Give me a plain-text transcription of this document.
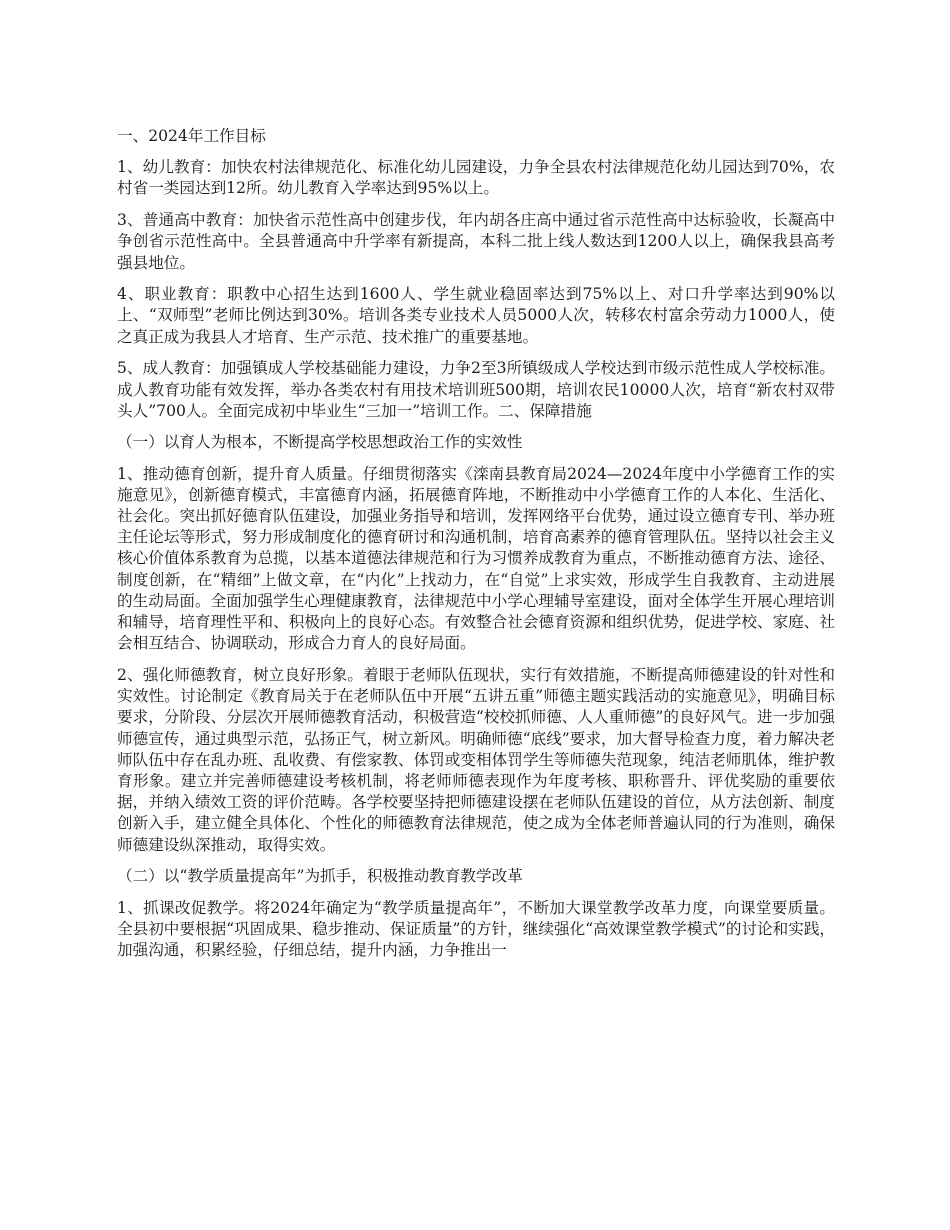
一、2024年工作目标

1、幼儿教育：加快农村法律规范化、标准化幼儿园建设，力争全县农村法律规范化幼儿园达到70%，农村省一类园达到12所。幼儿教育入学率达到95%以上。

3、普通高中教育：加快省示范性高中创建步伐，年内胡各庄高中通过省示范性高中达标验收，长凝高中争创省示范性高中。全县普通高中升学率有新提高，本科二批上线人数达到1200人以上，确保我县高考强县地位。

4、职业教育：职教中心招生达到1600人、学生就业稳固率达到75%以上、对口升学率达到90%以上、“双师型”老师比例达到30%。培训各类专业技术人员5000人次，转移农村富余劳动力1000人，使之真正成为我县人才培育、生产示范、技术推广的重要基地。

5、成人教育：加强镇成人学校基础能力建设，力争2至3所镇级成人学校达到市级示范性成人学校标准。成人教育功能有效发挥，举办各类农村有用技术培训班500期，培训农民10000人次，培育“新农村双带头人”700人。全面完成初中毕业生“三加一”培训工作。二、保障措施

（一）以育人为根本，不断提高学校思想政治工作的实效性

1、推动德育创新，提升育人质量。仔细贯彻落实《滦南县教育局2024—2024年度中小学德育工作的实施意见》，创新德育模式，丰富德育内涵，拓展德育阵地，不断推动中小学德育工作的人本化、生活化、社会化。突出抓好德育队伍建设，加强业务指导和培训，发挥网络平台优势，通过设立德育专刊、举办班主任论坛等形式，努力形成制度化的德育研讨和沟通机制，培育高素养的德育管理队伍。坚持以社会主义核心价值体系教育为总揽，以基本道德法律规范和行为习惯养成教育为重点，不断推动德育方法、途径、制度创新，在“精细”上做文章，在“内化”上找动力，在“自觉”上求实效，形成学生自我教育、主动进展的生动局面。全面加强学生心理健康教育，法律规范中小学心理辅导室建设，面对全体学生开展心理培训和辅导，培育理性平和、积极向上的良好心态。有效整合社会德育资源和组织优势，促进学校、家庭、社会相互结合、协调联动，形成合力育人的良好局面。

2、强化师德教育，树立良好形象。着眼于老师队伍现状，实行有效措施，不断提高师德建设的针对性和实效性。讨论制定《教育局关于在老师队伍中开展“五讲五重”师德主题实践活动的实施意见》，明确目标要求，分阶段、分层次开展师德教育活动，积极营造“校校抓师德、人人重师德”的良好风气。进一步加强师德宣传，通过典型示范，弘扬正气，树立新风。明确师德“底线”要求，加大督导检查力度，着力解决老师队伍中存在乱办班、乱收费、有偿家教、体罚或变相体罚学生等师德失范现象，纯洁老师肌体，维护教育形象。建立并完善师德建设考核机制，将老师师德表现作为年度考核、职称晋升、评优奖励的重要依据，并纳入绩效工资的评价范畴。各学校要坚持把师德建设摆在老师队伍建设的首位，从方法创新、制度创新入手，建立健全具体化、个性化的师德教育法律规范，使之成为全体老师普遍认同的行为准则，确保师德建设纵深推动，取得实效。

（二）以“教学质量提高年”为抓手，积极推动教育教学改革

1、抓课改促教学。将2024年确定为“教学质量提高年”，不断加大课堂教学改革力度，向课堂要质量。全县初中要根据“巩固成果、稳步推动、保证质量”的方针，继续强化“高效课堂教学模式”的讨论和实践，加强沟通，积累经验，仔细总结，提升内涵，力争推出一
